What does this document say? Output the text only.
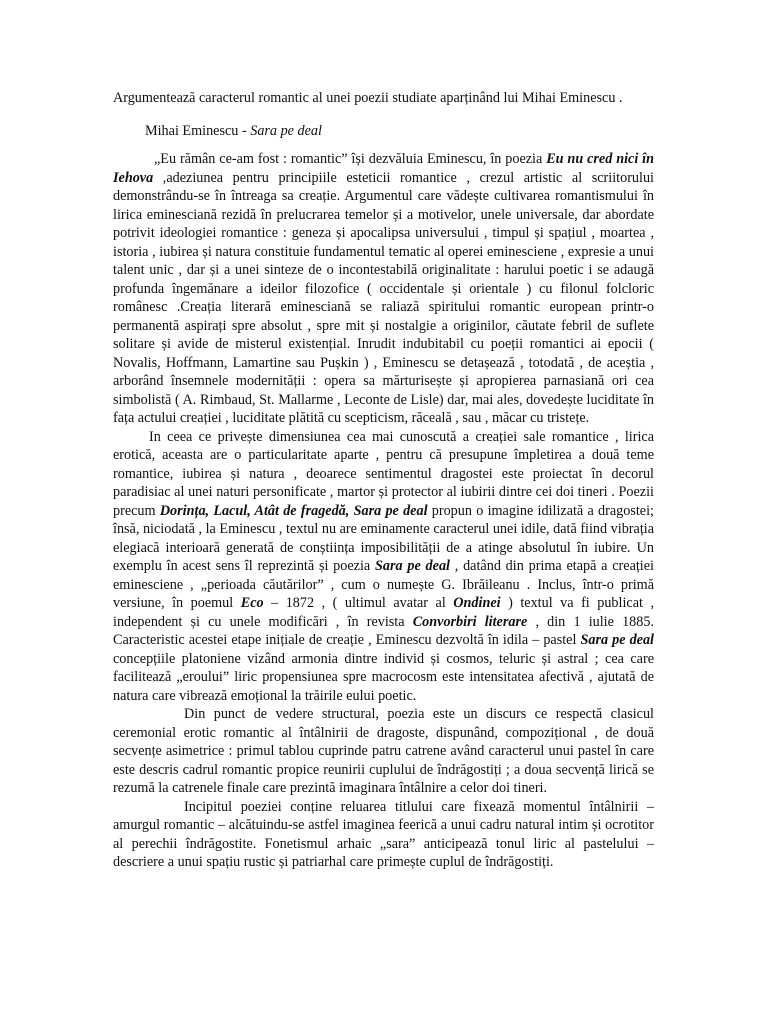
Argumentează caracterul romantic al unei poezii studiate aparținând lui Mihai Eminescu .
Mihai Eminescu - Sara pe deal

„Eu rămân ce-am fost : romantic” își dezvăluia Eminescu, în poezia Eu nu cred nici în Iehova ,adeziunea pentru principiile esteticii romantice , crezul artistic al scriitorului demonstrându-se în întreaga sa creație. Argumentul care vădește cultivarea romantismului în lirica eminesciană rezidă în prelucrarea temelor și a motivelor, unele universale, dar abordate potrivit ideologiei romantice : geneza și apocalipsa universului , timpul și spațiul , moartea , istoria , iubirea și natura constituie fundamentul tematic al operei eminesciene , expresie a unui talent unic , dar și a unei sinteze de o incontestabilă originalitate : harului poetic i se adaugă profunda îngemănare a ideilor filozofice ( occidentale și orientale ) cu filonul folcloric românesc .Creația literară eminesciană se raliază spiritului romantic european printr-o permanentă aspirați spre absolut , spre mit și nostalgie a originilor, căutate febril de suflete solitare și avide de misterul existențial. Inrudit indubitabil cu poeții romantici ai epocii ( Novalis, Hoffmann, Lamartine sau Pușkin ) , Eminescu se detașează , totodată , de aceștia , arborând însemnele modernității : opera sa mărturisește și apropierea parnasiană ori cea simbolistă ( A. Rimbaud, St. Mallarme , Leconte de Lisle) dar, mai ales, dovedește luciditate în fața actului creației , luciditate plătită cu scepticism, răceală , sau , măcar cu tristețe.

In ceea ce privește dimensiunea cea mai cunoscută a creației sale romantice , lirica erotică, aceasta are o particularitate aparte , pentru că presupune împletirea a două teme romantice, iubirea și natura , deoarece sentimentul dragostei este proiectat în decorul paradisiac al unei naturi personificate , martor și protector al iubirii dintre cei doi tineri . Poezii precum Dorința, Lacul, Atât de fragedă, Sara pe deal propun o imagine idilizată a dragostei; însă, niciodată , la Eminescu , textul nu are eminamente caracterul unei idile, dată fiind vibrația elegiacă interioară generată de conștiința imposibilității de a atinge absolutul în iubire. Un exemplu în acest sens îl reprezintă și poezia Sara pe deal , datând din prima etapă a creației eminesciene , „perioada căutărilor” , cum o numește G. Ibrăileanu . Inclus, într-o primă versiune, în poemul Eco – 1872 , ( ultimul avatar al Ondinei ) textul va fi publicat , independent și cu unele modificări , în revista Convorbiri literare , din 1 iulie 1885. Caracteristic acestei etape inițiale de creație , Eminescu dezvoltă în idila – pastel Sara pe deal concepțiile platoniene vizând armonia dintre individ și cosmos, teluric și astral ; cea care facilitează „eroului” liric propensiunea spre macrocosm este intensitatea afectivă , ajutată de natura care vibrează emoțional la trăirile eului poetic.

Din punct de vedere structural, poezia este un discurs ce respectă clasicul ceremonial erotic romantic al întâlnirii de dragoste, dispunând, compozițional , de două secvențe asimetrice : primul tablou cuprinde patru catrene având caracterul unui pastel în care este descris cadrul romantic propice reunirii cuplului de îndrăgostiți ; a doua secvență lirică se rezumă la catrenele finale care prezintă imaginara întâlnire a celor doi tineri.

Incipitul poeziei conține reluarea titlului care fixează momentul întâlnirii – amurgul romantic – alcătuindu-se astfel imaginea feerică a unui cadru natural intim și ocrotitor al perechii îndrăgostite. Fonetismul arhaic „sara” anticipează tonul liric al pastelului – descriere a unui spațiu rustic și patriarhal care primește cuplul de îndrăgostiți.
